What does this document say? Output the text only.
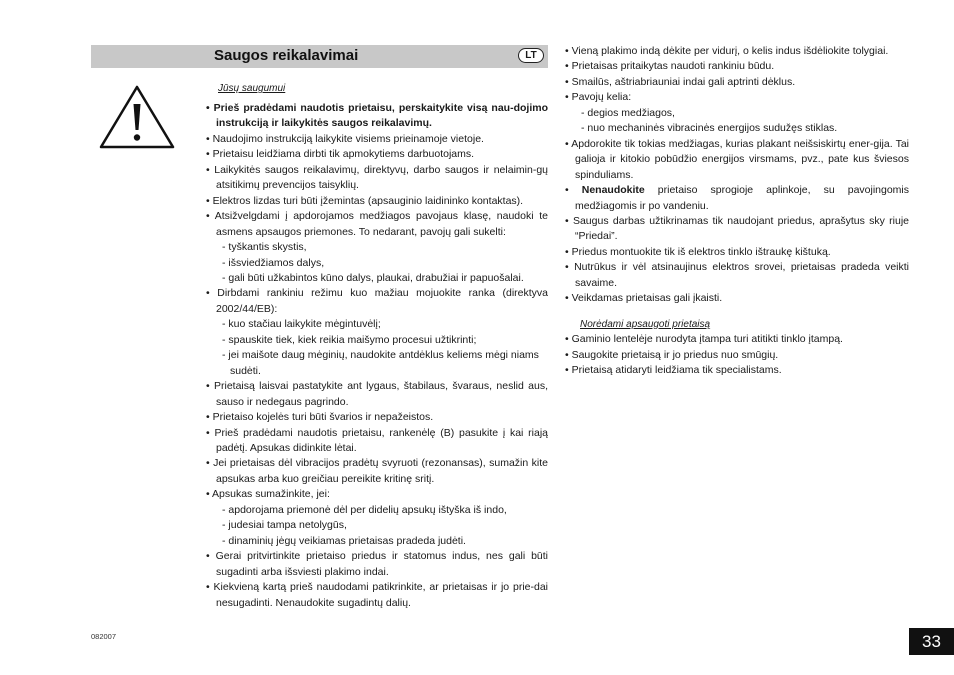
Saugos reikalavimai	LT
Jūsų saugumui

• Prieš pradėdami naudotis prietaisu, perskaitykite visą nau-dojimo instrukciją ir laikykitės saugos reikalavimų.

• Naudojimo instrukciją laikykite visiems prieinamoje vietoje.

• Prietaisu leidžiama dirbti tik apmokytiems darbuotojams.

• Laikykitės saugos reikalavimų, direktyvų, darbo saugos ir nelaimin-gų atsitikimų prevencijos taisyklių.

• Elektros lizdas turi būti įžemintas (apsauginio laidininko kontaktas).

• Atsižvelgdami į apdorojamos medžiagos pavojaus klasę, naudoki te asmens apsaugos priemones. To nedarant, pavojų gali sukelti:

- tyškantis skystis,

- išsviedžiamos dalys,

- gali būti užkabintos kūno dalys, plaukai, drabužiai ir papuošalai.

• Dirbdami rankiniu režimu kuo mažiau mojuokite ranka (direktyva 2002/44/EB):

- kuo stačiau laikykite mėgintuvėlį;

- spauskite tiek, kiek reikia maišymo procesui užtikrinti;

- jei maišote daug mėginių, naudokite antdėklus keliems mėgi niams sudėti.

• Prietaisą laisvai pastatykite ant lygaus, štabilaus, švaraus, neslid aus, sauso ir nedegaus pagrindo.

• Prietaiso kojelės turi būti švarios ir nepažeistos.

• Prieš pradėdami naudotis prietaisu, rankenėlę (B) pasukite į kai riają padėtį. Apsukas didinkite lėtai.

• Jei prietaisas dėl vibracijos pradėtų svyruoti (rezonansas), sumažin kite apsukas arba kuo greičiau pereikite kritinę sritį.

• Apsukas sumažinkite, jei:

- apdorojama priemonė dėl per didelių apsukų ištyška iš indo,

- judesiai tampa netolygūs,

- dinaminių jėgų veikiamas prietaisas pradeda judėti.

• Gerai pritvirtinkite prietaiso priedus ir statomus indus, nes gali būti sugadinti arba išsviesti plakimo indai.

• Kiekvieną kartą prieš naudodami patikrinkite, ar prietaisas ir jo prie-dai nesugadinti. Nenaudokite sugadintų dalių.

• Vieną plakimo indą dėkite per vidurį, o kelis indus išdėliokite tolygiai.

• Prietaisas pritaikytas naudoti rankiniu būdu.

• Smailūs, aštriabriauniai indai gali aptrinti dėklus.

• Pavojų kelia:

- degios medžiagos,

- nuo mechaninės vibracinės energijos sudužęs stiklas.

• Apdorokite tik tokias medžiagas, kurias plakant neišsiskirtų ener-gija. Tai galioja ir kitokio pobūdžio energijos virsmams, pvz., pate kus šviesos spinduliams.

• Nenaudokite prietaiso sprogioje aplinkoje, su pavojingomis medžiagomis ir po vandeniu.

• Saugus darbas užtikrinamas tik naudojant priedus, aprašytus sky riuje “Priedai”.

• Priedus montuokite tik iš elektros tinklo ištraukę kištuką.

• Nutrūkus ir vėl atsinaujinus elektros srovei, prietaisas pradeda veikti savaime.

• Veikdamas prietaisas gali įkaisti.

Norėdami apsaugoti prietaisą

• Gaminio lentelėje nurodyta įtampa turi atitikti tinklo įtampą.

• Saugokite prietaisą ir jo priedus nuo smūgių.

• Prietaisą atidaryti leidžiama tik specialistams.

082007	33
